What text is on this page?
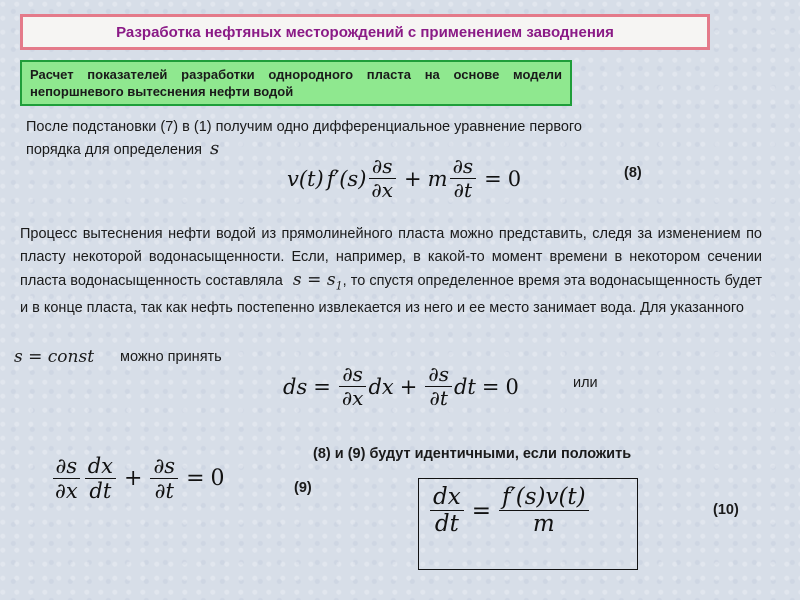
Разработка нефтяных месторождений с применением заводнения
Расчет показателей разработки однородного пласта на основе модели непоршневого вытеснения нефти водой
После подстановки (7) в (1) получим одно дифференциальное уравнение первого
порядка для определения s
v(t) $f'(s) \frac{\partial s}{\partial x} + m \frac{\partial s}{\partial t} = 0$	(8)
Процесс вытеснения нефти водой из прямолинейного пласта можно представить, следя за изменением по пласту некоторой водонасыщенности. Если, например, в какой-то момент времени в некотором сечении пласта водонасыщенность составляла $s = s_1$, то спустя определенное время эта водонасыщенность будет и в конце пласта, так как нефть постепенно извлекается из него и ее место занимает вода. Для указанного
s = const можно принять
ds = $\frac{\partial s}{\partial x}$ dx + $\frac{\partial s}{\partial t}$ dt = 0	или
(8) и (9) будут идентичными, если положить
$\frac{\partial s}{\partial x} \frac{dx}{dt} + \frac{\partial s}{\partial t} = 0$	(9)	$\frac{dx}{dt} = \frac{f'(s)v(t)}{m}$	(10)
